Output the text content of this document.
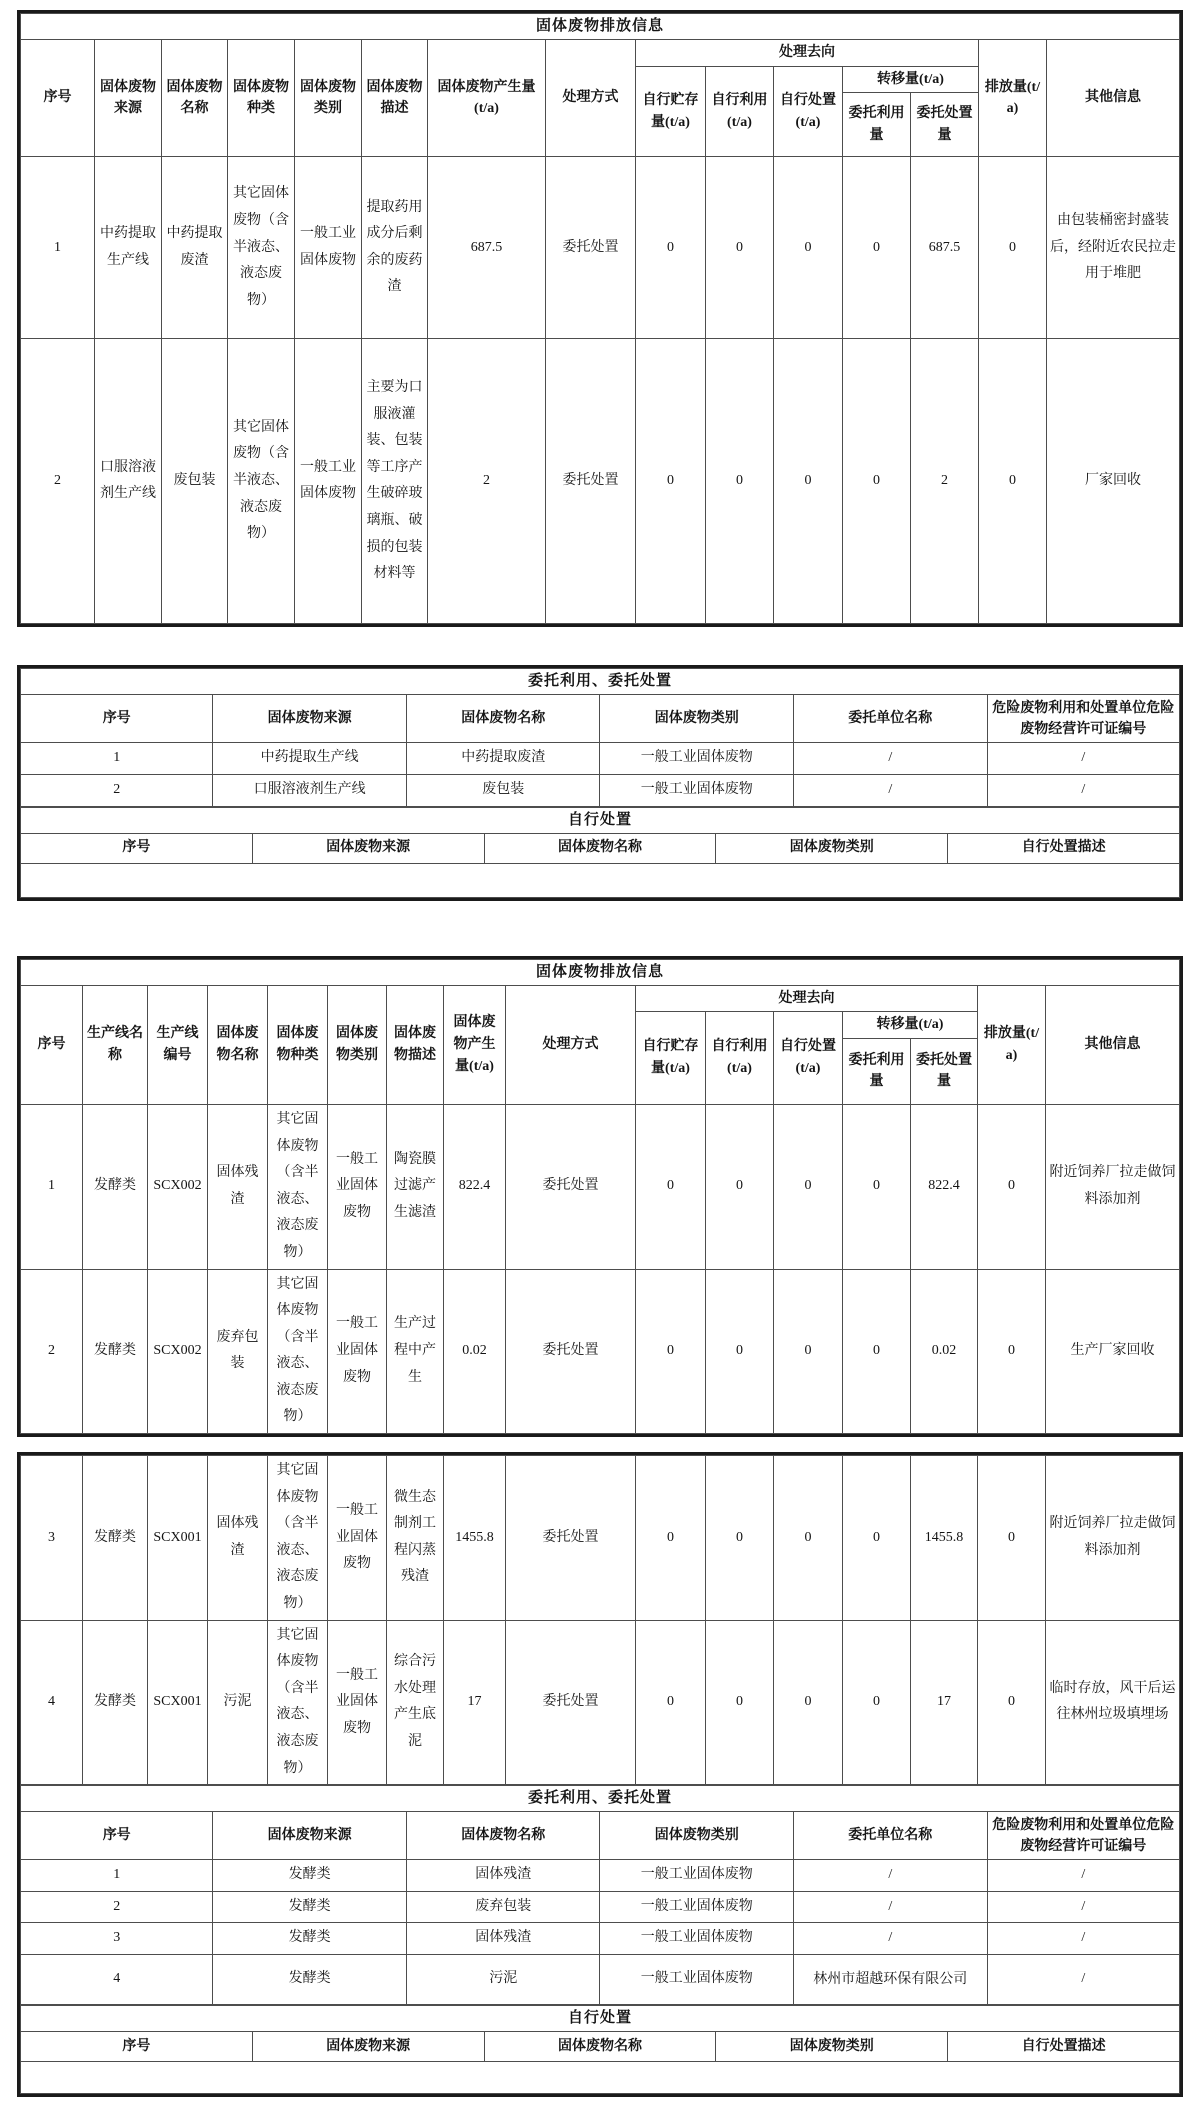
固体废物排放信息														
序号	固体废物来源	固体废物名称	固体废物种类	固体废物类别	固体废物描述	固体废物产生量(t/a)	处理方式	处理去向					排放量(t/a)	其他信息
								自行贮存量(t/a)	自行利用(t/a)	自行处置(t/a)	转移量(t/a)			
											委托利用量	委托处置量		
1	中药提取生产线	中药提取废渣	其它固体废物（含半液态、液态废物）	一般工业固体废物	提取药用成分后剩余的废药渣	687.5	委托处置	0	0	0	0	687.5	0	由包装桶密封盛装后，经附近农民拉走用于堆肥
2	口服溶液剂生产线	废包装	其它固体废物（含半液态、液态废物）	一般工业固体废物	主要为口服液灌装、包装等工序产生破碎玻璃瓶、破损的包装材料等	2	委托处置	0	0	0	0	2	0	厂家回收
委托利用、委托处置					
序号	固体废物来源	固体废物名称	固体废物类别	委托单位名称	危险废物利用和处置单位危险废物经营许可证编号
1	中药提取生产线	中药提取废渣	一般工业固体废物	/	/
2	口服溶液剂生产线	废包装	一般工业固体废物	/	/
自行处置
序号	固体废物来源	固体废物名称	固体废物类别	自行处置描述

固体废物排放信息															
序号	生产线名称	生产线编号	固体废物名称	固体废物种类	固体废物类别	固体废物描述	固体废物产生量(t/a)	处理方式	处理去向					排放量(t/a)	其他信息
									自行贮存量(t/a)	自行利用(t/a)	自行处置(t/a)	转移量(t/a)			
												委托利用量	委托处置量		
1	发酵类	SCX002	固体残渣	其它固体废物（含半液态、液态废物）	一般工业固体废物	陶瓷膜过滤产生滤渣	822.4	委托处置	0	0	0	0	822.4	0	附近饲养厂拉走做饲料添加剂
2	发酵类	SCX002	废弃包装	其它固体废物（含半液态、液态废物）	一般工业固体废物	生产过程中产生	0.02	委托处置	0	0	0	0	0.02	0	生产厂家回收
3	发酵类	SCX001	固体残渣	其它固体废物（含半液态、液态废物）	一般工业固体废物	微生态制剂工程闪蒸残渣	1455.8	委托处置	0	0	0	0	1455.8	0	附近饲养厂拉走做饲料添加剂
4	发酵类	SCX001	污泥	其它固体废物（含半液态、液态废物）	一般工业固体废物	综合污水处理产生底泥	17	委托处置	0	0	0	0	17	0	临时存放，风干后运往林州垃圾填埋场
委托利用、委托处置					
序号	固体废物来源	固体废物名称	固体废物类别	委托单位名称	危险废物利用和处置单位危险废物经营许可证编号
1	发酵类	固体残渣	一般工业固体废物	/	/
2	发酵类	废弃包装	一般工业固体废物	/	/
3	发酵类	固体残渣	一般工业固体废物	/	/
4	发酵类	污泥	一般工业固体废物	林州市超越环保有限公司	/
自行处置
序号	固体废物来源	固体废物名称	固体废物类别	自行处置描述
